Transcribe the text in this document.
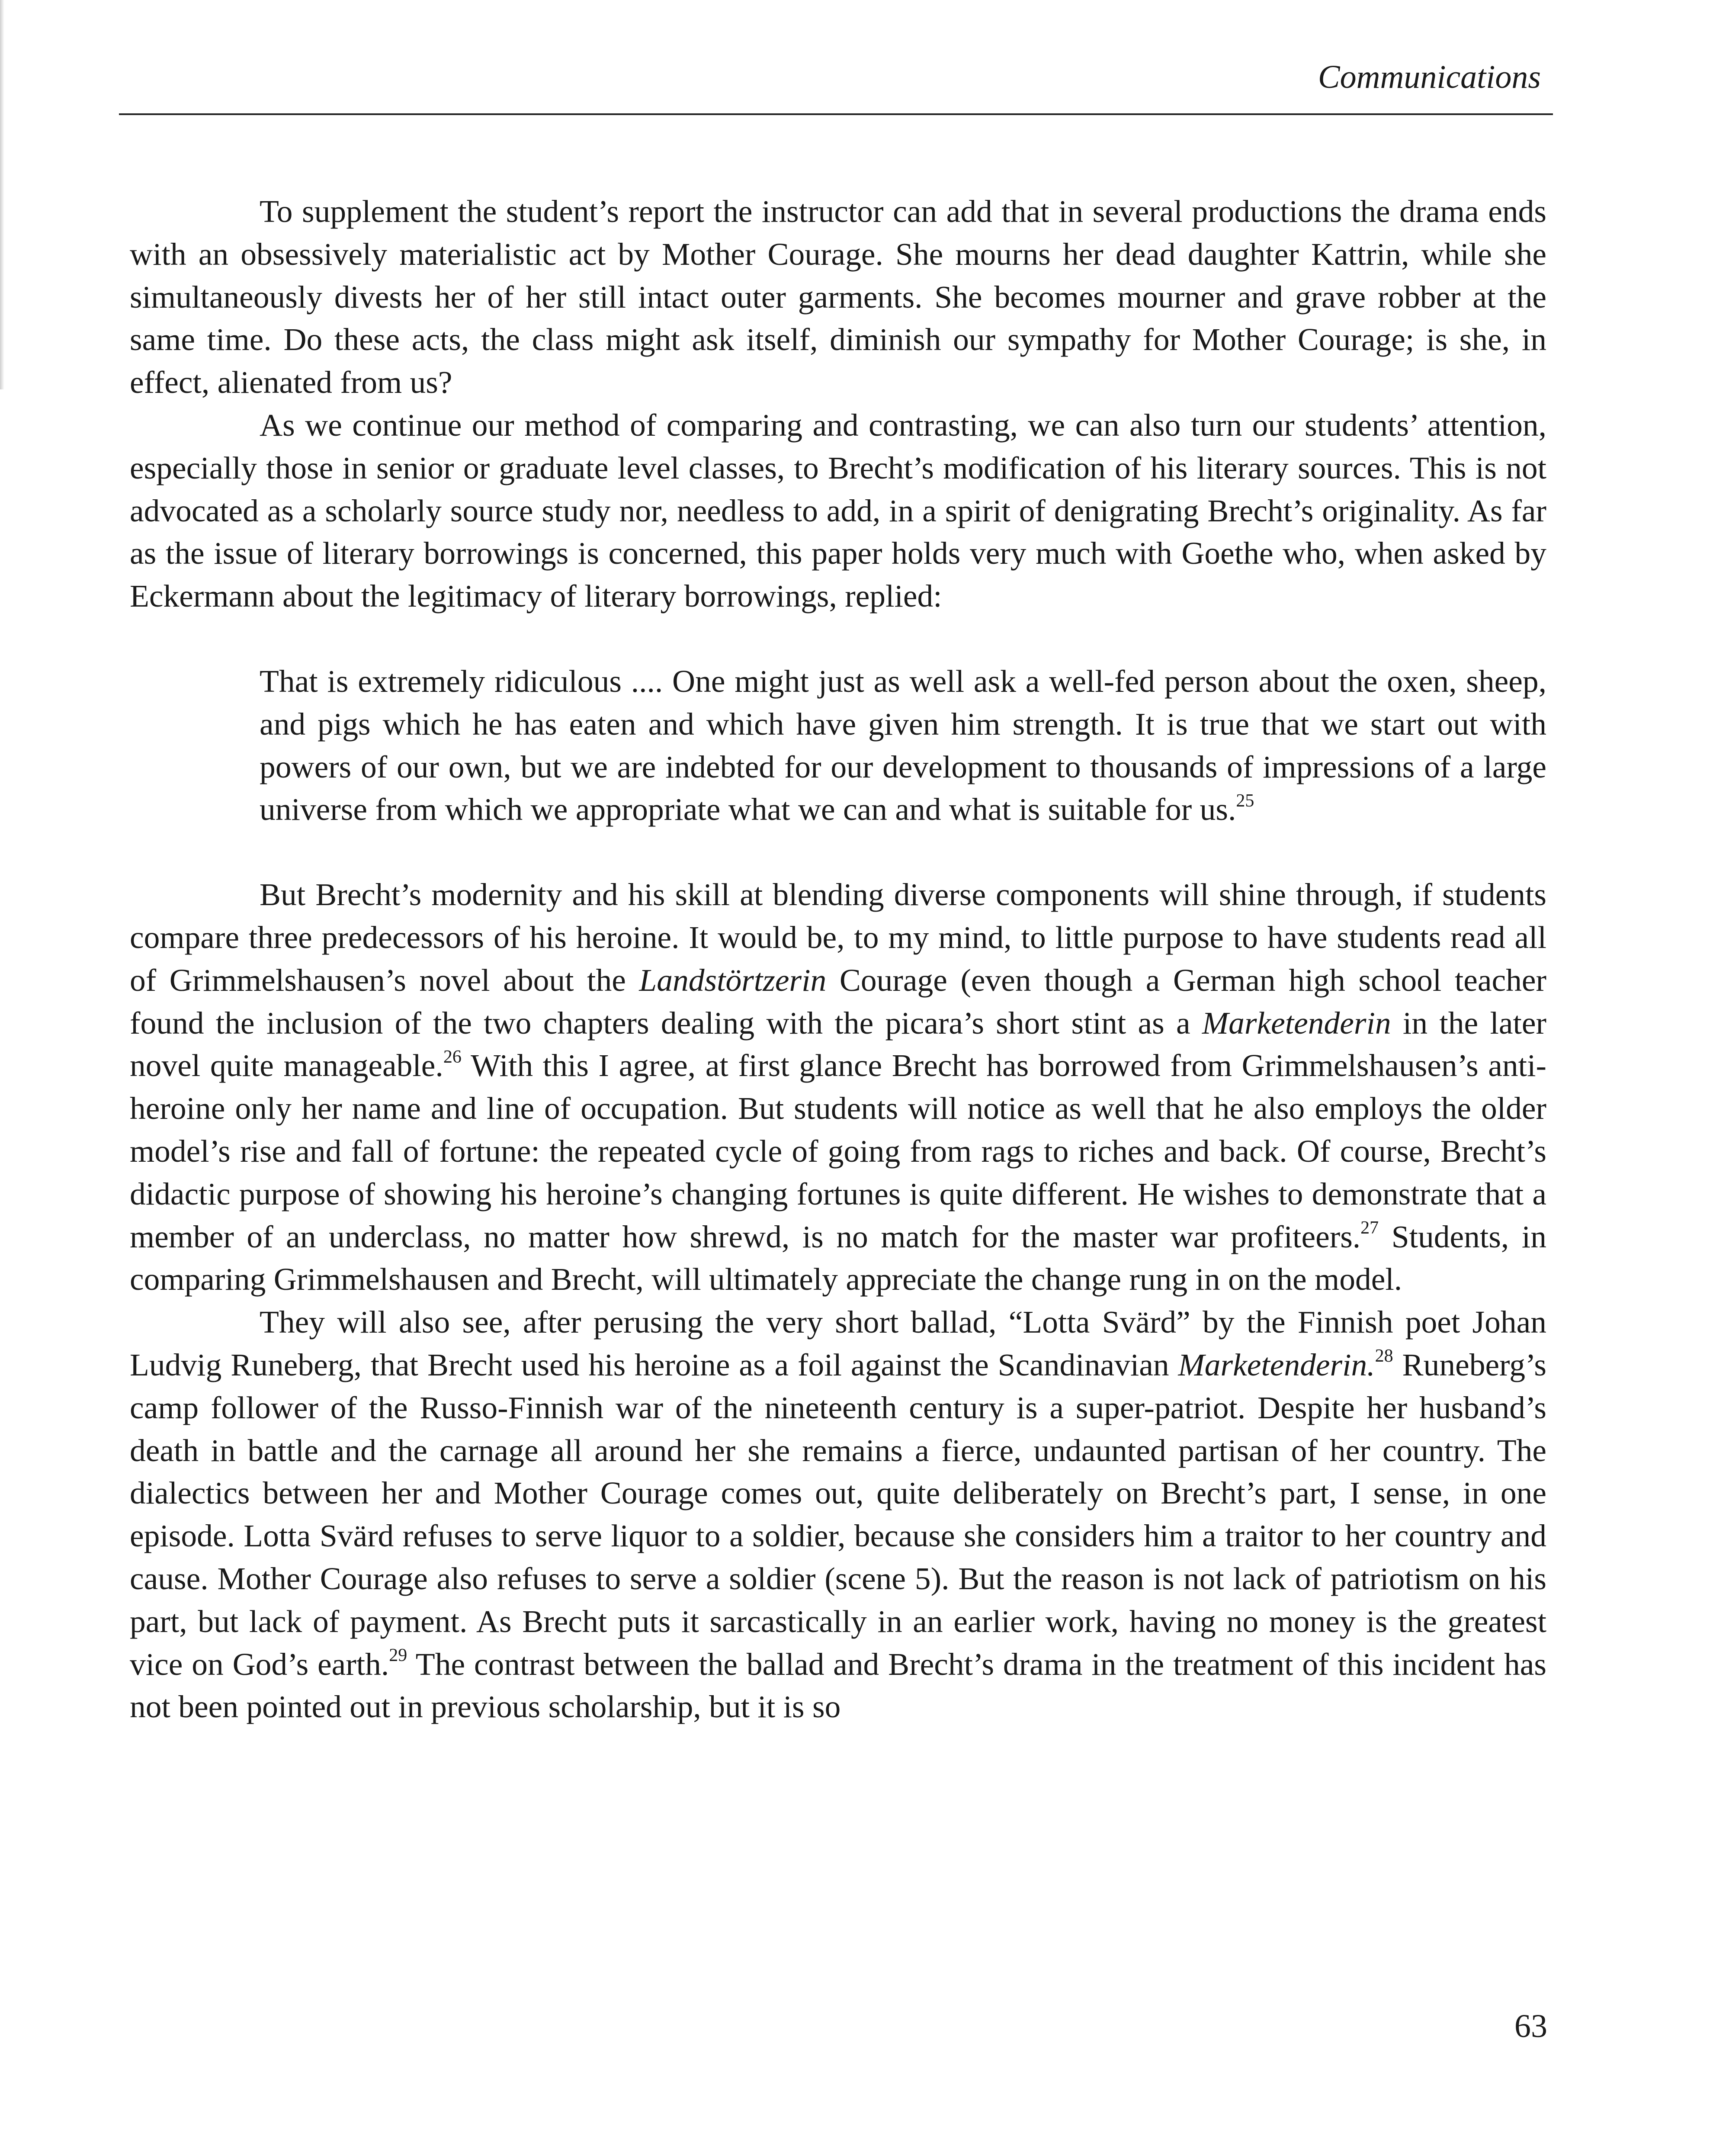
Communications

To supplement the student’s report the instructor can add that in several productions the drama ends with an obsessively materialistic act by Mother Courage. She mourns her dead daughter Kattrin, while she simultaneously divests her of her still intact outer garments. She becomes mourner and grave robber at the same time. Do these acts, the class might ask itself, diminish our sympathy for Mother Courage; is she, in effect, alienated from us?

As we continue our method of comparing and contrasting, we can also turn our students’ attention, especially those in senior or graduate level classes, to Brecht’s modification of his literary sources. This is not advocated as a scholarly source study nor, needless to add, in a spirit of denigrating Brecht’s originality. As far as the issue of literary borrowings is concerned, this paper holds very much with Goethe who, when asked by Eckermann about the legitimacy of literary borrowings, replied:

That is extremely ridiculous .... One might just as well ask a well-fed person about the oxen, sheep, and pigs which he has eaten and which have given him strength. It is true that we start out with powers of our own, but we are indebted for our development to thousands of impressions of a large universe from which we appropriate what we can and what is suitable for us.$^{25}$

But Brecht’s modernity and his skill at blending diverse components will shine through, if students compare three predecessors of his heroine. It would be, to my mind, to little purpose to have students read all of Grimmelshausen’s novel about the Landstörtzerin Courage (even though a German high school teacher found the inclusion of the two chapters dealing with the picara’s short stint as a Marketenderin in the later novel quite manageable.$^{26}$ With this I agree, at first glance Brecht has borrowed from Grimmelshausen’s anti-heroine only her name and line of occupation. But students will notice as well that he also employs the older model’s rise and fall of fortune: the repeated cycle of going from rags to riches and back. Of course, Brecht’s didactic purpose of showing his heroine’s changing fortunes is quite different. He wishes to demonstrate that a member of an underclass, no matter how shrewd, is no match for the master war profiteers.$^{27}$ Students, in comparing Grimmelshausen and Brecht, will ultimately appreciate the change rung in on the model.

They will also see, after perusing the very short ballad, “Lotta Svärd” by the Finnish poet Johan Ludvig Runeberg, that Brecht used his heroine as a foil against the Scandinavian Marketenderin.$^{28}$ Runeberg’s camp follower of the Russo-Finnish war of the nineteenth century is a super-patriot. Despite her husband’s death in battle and the carnage all around her she remains a fierce, undaunted partisan of her country. The dialectics between her and Mother Courage comes out, quite deliberately on Brecht’s part, I sense, in one episode. Lotta Svärd refuses to serve liquor to a soldier, because she considers him a traitor to her country and cause. Mother Courage also refuses to serve a soldier (scene 5). But the reason is not lack of patriotism on his part, but lack of payment. As Brecht puts it sarcastically in an earlier work, having no money is the greatest vice on God’s earth.$^{29}$ The contrast between the ballad and Brecht’s drama in the treatment of this incident has not been pointed out in previous scholarship, but it is so

63
